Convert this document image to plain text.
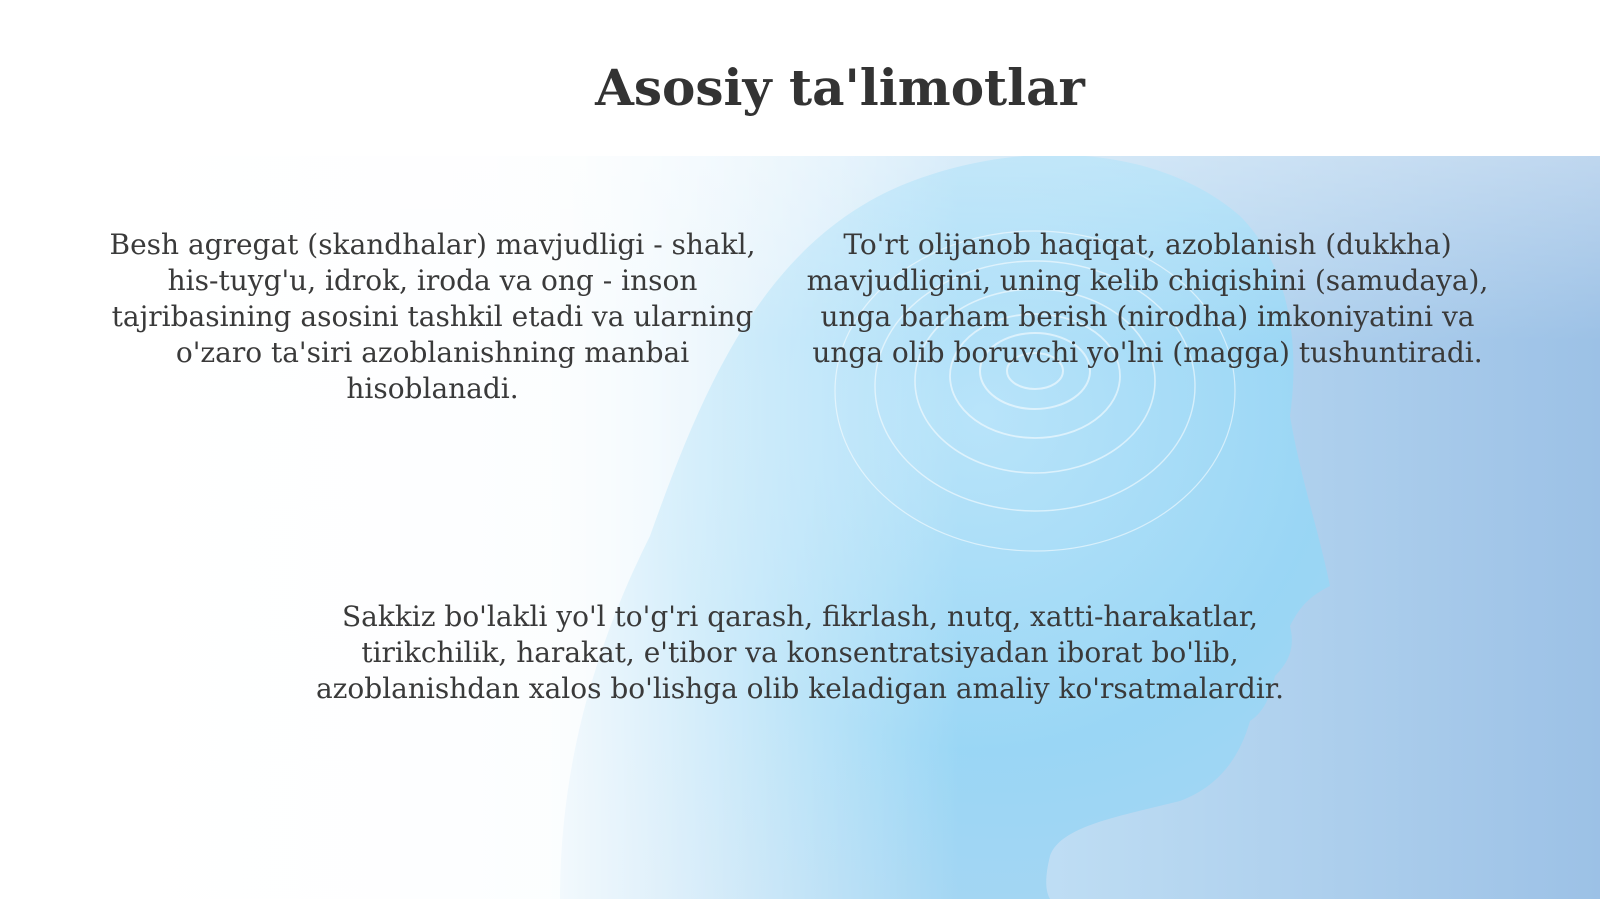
Asosiy ta'limotlar
Besh agregat (skandhalar) mavjudligi - shakl, his-tuyg'u, idrok, iroda va ong - inson tajribasining asosini tashkil etadi va ularning o'zaro ta'siri azoblanishning manbai hisoblanadi.
To'rt olijanob haqiqat, azoblanish (dukkha) mavjudligini, uning kelib chiqishini (samudaya), unga barham berish (nirodha) imkoniyatini va unga olib boruvchi yo'lni (magga) tushuntiradi.
Sakkiz bo'lakli yo'l to'g'ri qarash, fikrlash, nutq, xatti-harakatlar, tirikchilik, harakat, e'tibor va konsentratsiyadan iborat bo'lib, azoblanishdan xalos bo'lishga olib keladigan amaliy ko'rsatmalardir.
